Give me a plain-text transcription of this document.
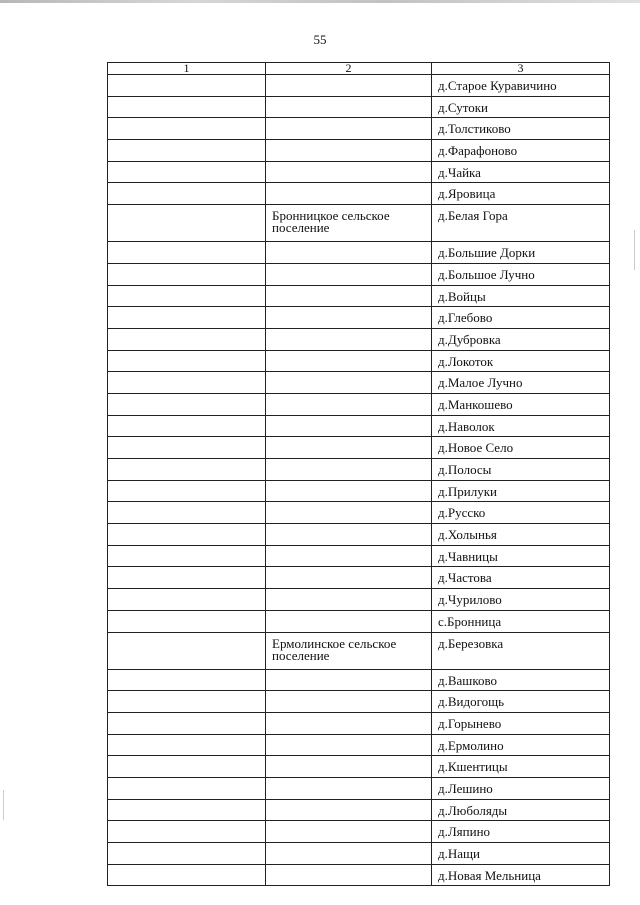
55
1	2	3
		д.Старое Куравичино
		д.Сутоки
		д.Толстиково
		д.Фарафоново
		д.Чайка
		д.Яровица
	Бронницкое сельское поселение	д.Белая Гора
		д.Большие Дорки
		д.Большое Лучно
		д.Войцы
		д.Глебово
		д.Дубровка
		д.Локоток
		д.Малое Лучно
		д.Манкошево
		д.Наволок
		д.Новое Село
		д.Полосы
		д.Прилуки
		д.Русско
		д.Холынья
		д.Чавницы
		д.Частова
		д.Чурилово
		с.Бронница
	Ермолинское сельское поселение	д.Березовка
		д.Вашково
		д.Видогощь
		д.Горынево
		д.Ермолино
		д.Кшентицы
		д.Лешино
		д.Люболяды
		д.Ляпино
		д.Нащи
		д.Новая Мельница
